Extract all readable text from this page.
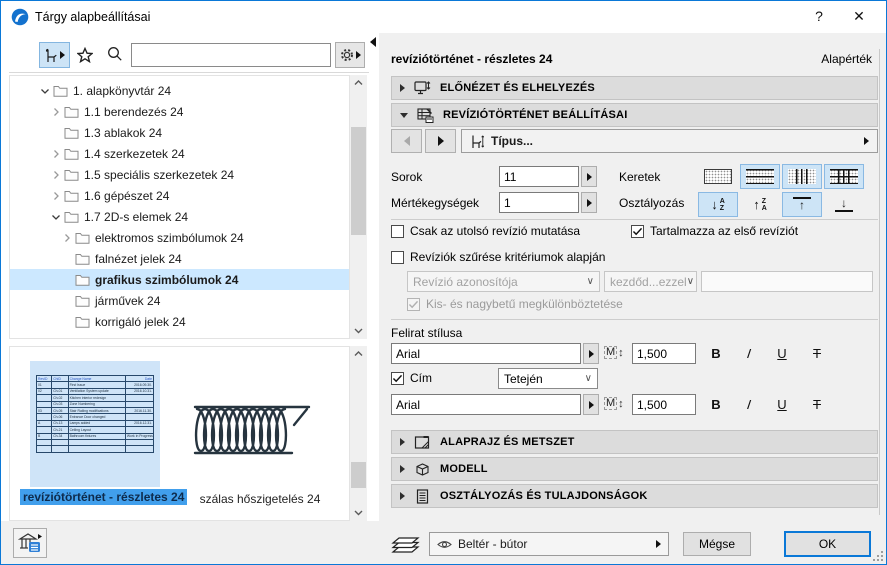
Tárgy alapbeállításai	?	✕
1. alapkönyvtár 24
1.1 berendezés 24
1.3 ablakok 24
1.4 szerkezetek 24
1.5 speciális szerkezetek 24
1.6 gépészet 24
1.7 2D-s elemek 24
elektromos szimbólumok 24
falnézet jelek 24
grafikus szimbólumok 24
járművek 24
korrigáló jelek 24
RevID	ChID	Change Name	Date
01		First Issue	2016.09.30.
02	Ch-01	Ventilation System update	2016.10.31.
	Ch-02	Kitchen interior redesign	
	Ch-03	Zone Numbering	
03	Ch-05	Stair Railing modifications	2016.11.30.
	Ch-06	Entrance Door changed	
A	Ch-13	Lamps added	2016.12.31.
	Ch-21	Ceiling Layout	
B	Ch-34	Bathroom fixtures	Work in Progress

revíziótörténet - részletes 24	szálas hőszigetelés 24
revíziótörténet - részletes 24	Alapérték
ELŐNÉZET ÉS ELHELYEZÉS
REVÍZIÓTÖRTÉNET BEÁLLÍTÁSAI
Típus...
Sorok
11
Mértékegységek
1
Keretek
Osztályozás ↓ A
Z ↑ Z
A	↑	↓
Csak az utolsó revízió mutatása	Tartalmazza az első revíziót
Revíziók szűrése kritériumok alapján
Revízió azonosítója	∨ kezdőd...ezzel ∨
Kis- és nagybetű megkülönböztetése
Felirat stílusa
Arial
M ↕
1,500	B	I	U	T
Cím	Tetején	∨
Arial
M ↕
1,500	B	I	U	T
ALAPRAJZ ÉS METSZET
MODELL
OSZTÁLYOZÁS ÉS TULAJDONSÁGOK
Beltér - bútor	Mégse	OK
